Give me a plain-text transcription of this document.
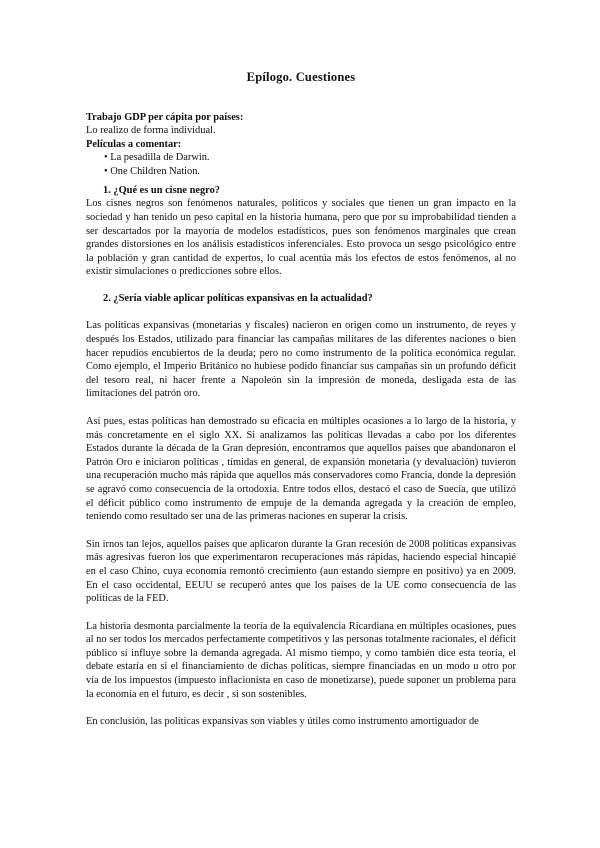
Epílogo. Cuestiones

Trabajo GDP per cápita por países:

Lo realizo de forma individual.

Películas a comentar:

• La pesadilla de Darwin.
• One Children Nation.

1. ¿Qué es un cisne negro?

Los cisnes negros son fenómenos naturales, políticos y sociales que tienen un gran impacto en la sociedad y han tenido un peso capital en la historia humana, pero que por su improbabilidad tienden a ser descartados por la mayoría de modelos estadísticos, pues son fenómenos marginales que crean grandes distorsiones en los análisis estadísticos inferenciales. Esto provoca un sesgo psicológico entre la población y gran cantidad de expertos, lo cual acentúa más los efectos de estos fenómenos, al no existir simulaciones o predicciones sobre ellos.

2. ¿Sería viable aplicar políticas expansivas en la actualidad?

Las políticas expansivas (monetarias y fiscales) nacieron en origen como un instrumento, de reyes y después los Estados, utilizado para financiar las campañas militares de las diferentes naciones o bien hacer repudios encubiertos de la deuda; pero no como instrumento de la política económica regular. Como ejemplo, el Imperio Británico no hubiese podido financiar sus campañas sin un profundo déficit del tesoro real, ni hacer frente a Napoleón sin la impresión de moneda, desligada esta de las limitaciones del patrón oro.

Así pues, estas políticas han demostrado su eficacia en múltiples ocasiones a lo largo de la historia, y más concretamente en el siglo XX. Si analizamos las políticas llevadas a cabo por los diferentes Estados durante la década de la Gran depresión, encontramos que aquellos países que abandonaron el Patrón Oro e iniciaron políticas , tímidas en general, de expansión monetaria (y devaluación) tuvieron una recuperación mucho más rápida que aquellos más conservadores como Francia, donde la depresión se agravó como consecuencia de la ortodoxia. Entre todos ellos, destacó el caso de Suecia, que utilizó el déficit público como instrumento de empuje de la demanda agregada y la creación de empleo, teniendo como resultado ser una de las primeras naciones en superar la crisis.

Sin irnos tan lejos, aquellos países que aplicaron durante la Gran recesión de 2008 políticas expansivas más agresivas fueron los que experimentaron recuperaciones más rápidas, haciendo especial hincapié en el caso Chino, cuya economía remontó crecimiento (aun estando siempre en positivo) ya en 2009. En el caso occidental, EEUU se recuperó antes que los países de la UE como consecuencia de las políticas de la FED.

La historia desmonta parcialmente la teoría de la equivalencia Ricardiana en múltiples ocasiones, pues al no ser todos los mercados perfectamente competitivos y las personas totalmente racionales, el déficit público sí influye sobre la demanda agregada. Al mismo tiempo, y como también dice esta teoría, el debate estaría en si el financiamiento de dichas políticas, siempre financiadas en un modo u otro por vía de los impuestos (impuesto inflacionista en caso de monetizarse), puede suponer un problema para la economía en el futuro, es decir , si son sostenibles.

En conclusión, las políticas expansivas son viables y útiles como instrumento amortiguador de
